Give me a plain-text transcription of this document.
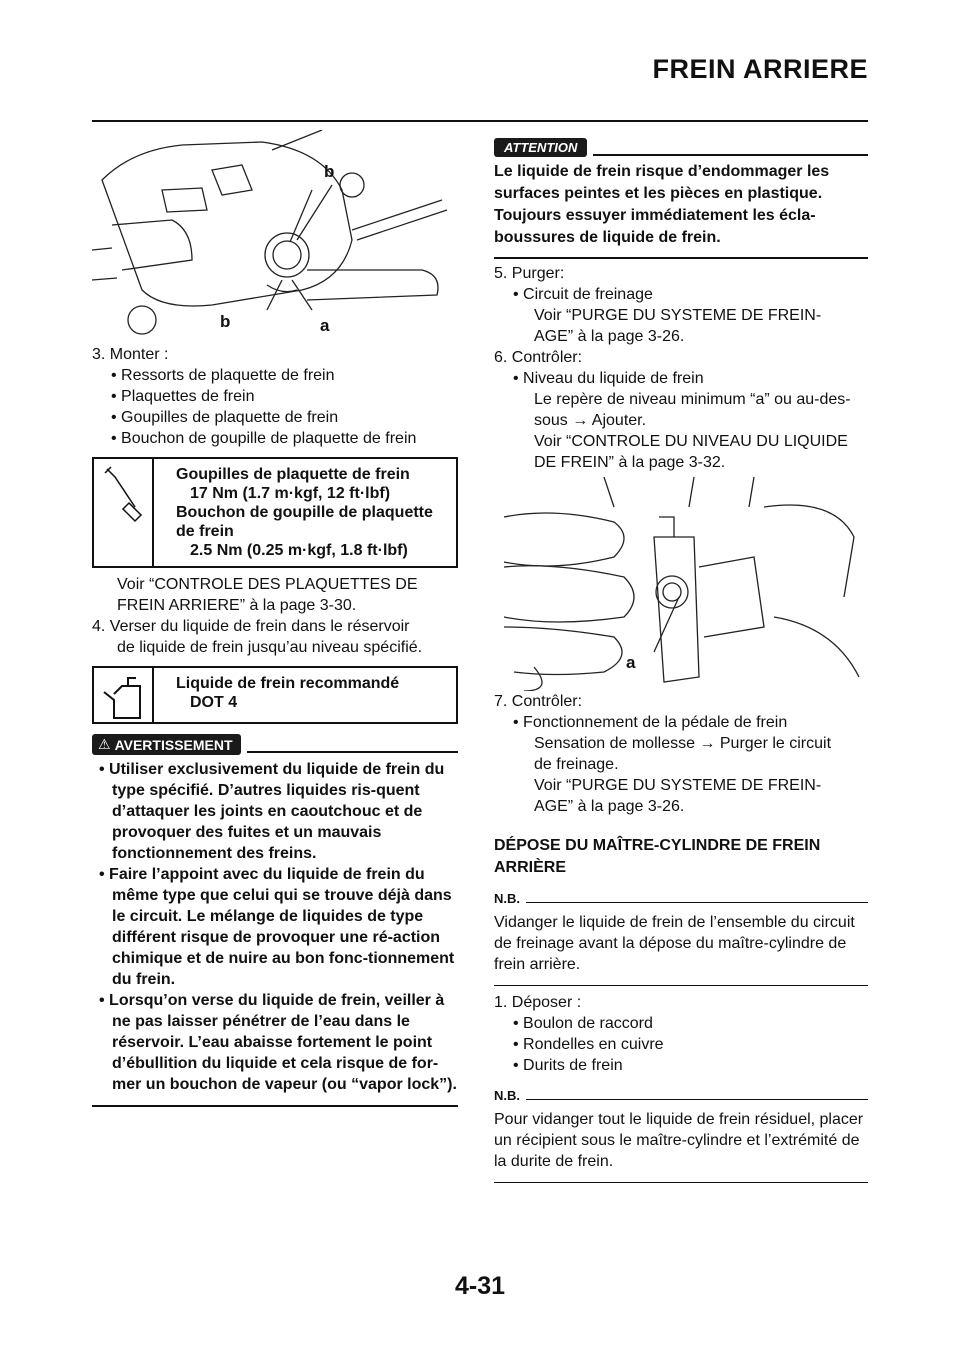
FREIN ARRIERE
b
b	a
3. Monter :
• Ressorts de plaquette de frein
• Plaquettes de frein
• Goupilles de plaquette de frein
• Bouchon de goupille de plaquette de frein
Goupilles de plaquette de frein
17 Nm (1.7 m·kgf, 12 ft·lbf)
Bouchon de goupille de plaquette
de frein
2.5 Nm (0.25 m·kgf, 1.8 ft·lbf)
Voir “CONTROLE DES PLAQUETTES DE
FREIN ARRIERE” à la page 3-30.
4. Verser du liquide de frein dans le réservoir
de liquide de frein jusqu’au niveau spécifié.
Liquide de frein recommandé
DOT 4
⚠ AVERTISSEMENT
• Utiliser exclusivement du liquide de frein du type spécifié. D’autres liquides ris-quent d’attaquer les joints en caoutchouc et de provoquer des fuites et un mauvais fonctionnement des freins.
• Faire l’appoint avec du liquide de frein du même type que celui qui se trouve déjà dans le circuit. Le mélange de liquides de type différent risque de provoquer une ré-action chimique et de nuire au bon fonc-tionnement du frein.
• Lorsqu’on verse du liquide de frein, veiller à ne pas laisser pénétrer de l’eau dans le réservoir. L’eau abaisse fortement le point d’ébullition du liquide et cela risque de for-mer un bouchon de vapeur (ou “vapor lock”).
ATTENTION
Le liquide de frein risque d’endommager les surfaces peintes et les pièces en plastique. Toujours essuyer immédiatement les écla-boussures de liquide de frein.
5. Purger:
• Circuit de freinage
Voir “PURGE DU SYSTEME DE FREIN-
AGE” à la page 3-26.
6. Contrôler:
• Niveau du liquide de frein
Le repère de niveau minimum “a” ou au-des-
sous → Ajouter.
Voir “CONTROLE DU NIVEAU DU LIQUIDE
DE FREIN” à la page 3-32.
a
7. Contrôler:
• Fonctionnement de la pédale de frein
Sensation de mollesse → Purger le circuit
de freinage.
Voir “PURGE DU SYSTEME DE FREIN-
AGE” à la page 3-26.
DÉPOSE DU MAÎTRE-CYLINDRE DE FREIN ARRIÈRE
N.B.
Vidanger le liquide de frein de l’ensemble du circuit de freinage avant la dépose du maître-cylindre de frein arrière.
1. Déposer :
• Boulon de raccord
• Rondelles en cuivre
• Durits de frein
N.B.
Pour vidanger tout le liquide de frein résiduel, placer un récipient sous le maître-cylindre et l’extrémité de la durite de frein.
4-31
